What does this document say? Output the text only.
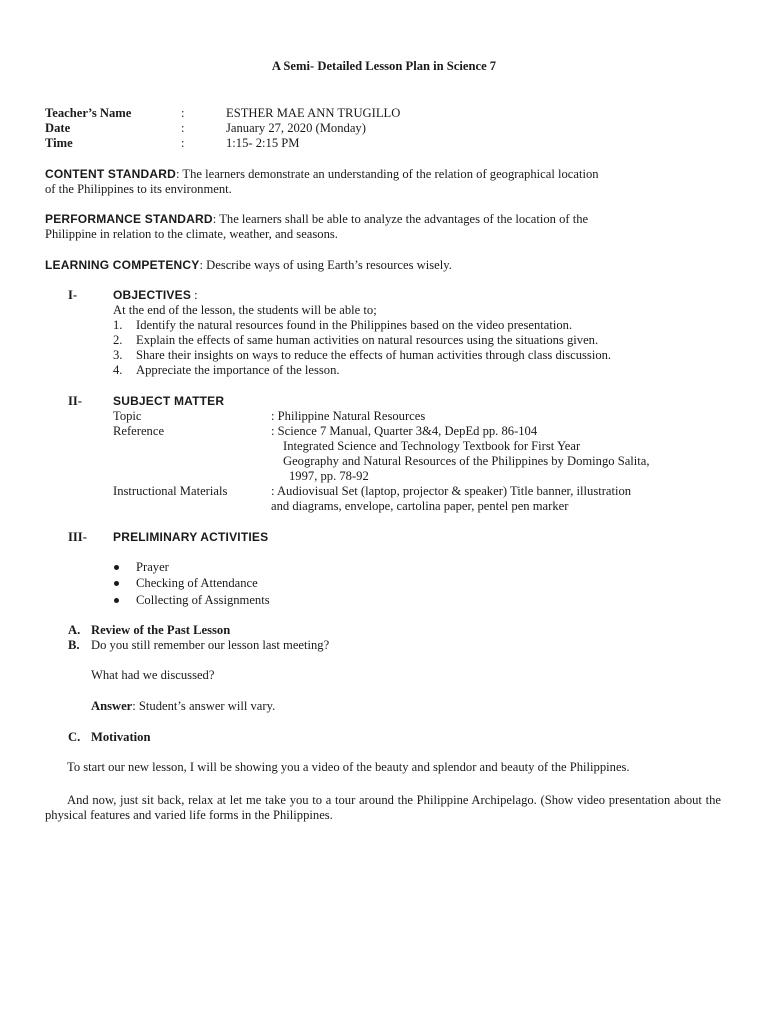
A Semi- Detailed Lesson Plan in Science 7
Teacher’s Name	:	ESTHER MAE ANN TRUGILLO
Date	:	January 27, 2020 (Monday)
Time	:	1:15- 2:15 PM
CONTENT STANDARD: The learners demonstrate an understanding of the relation of geographical location
of the Philippines to its environment.
PERFORMANCE STANDARD: The learners shall be able to analyze the advantages of the location of the
Philippine in relation to the climate, weather, and seasons.
LEARNING COMPETENCY: Describe ways of using Earth’s resources wisely.
I-	OBJECTIVES :
At the end of the lesson, the students will be able to;
1. Identify the natural resources found in the Philippines based on the video presentation.
2. Explain the effects of same human activities on natural resources using the situations given.
3. Share their insights on ways to reduce the effects of human activities through class discussion.
4. Appreciate the importance of the lesson.
II-	SUBJECT MATTER
Topic	: Philippine Natural Resources
Reference	: Science 7 Manual, Quarter 3&4, DepEd pp. 86-104
Integrated Science and Technology Textbook for First Year
Geography and Natural Resources of the Philippines by Domingo Salita,
1997, pp. 78-92
Instructional Materials	: Audiovisual Set (laptop, projector & speaker) Title banner, illustration
and diagrams, envelope, cartolina paper, pentel pen marker
III- PRELIMINARY ACTIVITIES
Prayer
Checking of Attendance
Collecting of Assignments
A. Review of the Past Lesson
B. Do you still remember our lesson last meeting?
What had we discussed?
Answer: Student’s answer will vary.
C. Motivation
To start our new lesson, I will be showing you a video of the beauty and splendor and beauty of the Philippines.
And now, just sit back, relax at let me take you to a tour around the Philippine Archipelago. (Show video presentation about the physical features and varied life forms in the Philippines.
